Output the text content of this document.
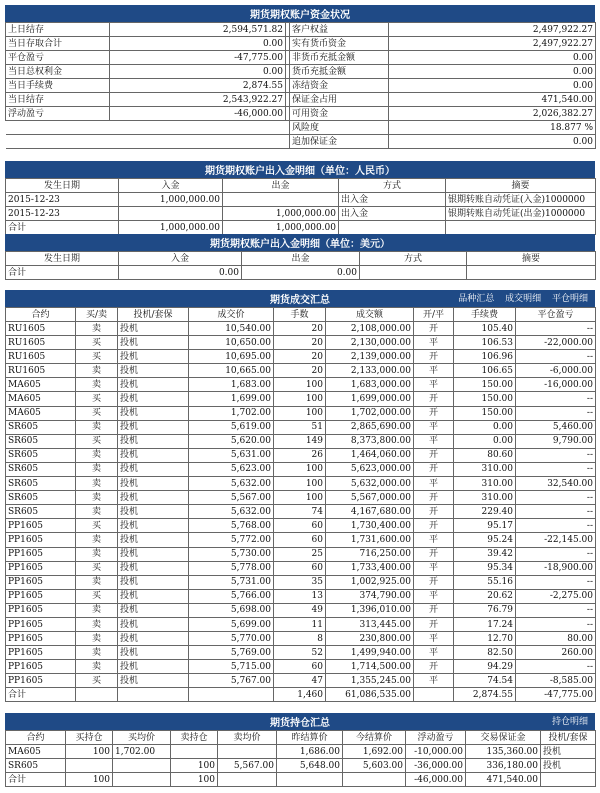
期货期权账户资金状况
上日结存	2,594,571.82		客户权益	2,497,922.27
当日存取合计	0.00		实有货币资金	2,497,922.27
平仓盈亏	-47,775.00		非货币充抵金额	0.00
当日总权利金	0.00		货币充抵金额	0.00
当日手续费	2,874.55		冻结资金	0.00
当日结存	2,543,922.27		保证金占用	471,540.00
浮动盈亏	-46,000.00		可用资金	2,026,382.27
			风险度	18.877 %
			追加保证金	0.00
期货期权账户出入金明细（单位：人民币）
发生日期	入金	出金	方式	摘要
2015-12-23	1,000,000.00		出入金	银期转账自动凭证(入金)1000000
2015-12-23		1,000,000.00	出入金	银期转账自动凭证(出金)1000000
合计	1,000,000.00	1,000,000.00		
期货期权账户出入金明细（单位：美元）
发生日期	入金	出金	方式	摘要
合计	0.00	0.00		
期货成交汇总	品种汇总 成交明细 平仓明细
合约	买/卖	投机/套保	成交价	手数	成交额	开/平	手续费	平仓盈亏
RU1605	卖	投机	10,540.00	20	2,108,000.00	开	105.40	--
RU1605	买	投机	10,650.00	20	2,130,000.00	平	106.53	-22,000.00
RU1605	买	投机	10,695.00	20	2,139,000.00	开	106.96	--
RU1605	卖	投机	10,665.00	20	2,133,000.00	平	106.65	-6,000.00
MA605	卖	投机	1,683.00	100	1,683,000.00	平	150.00	-16,000.00
MA605	买	投机	1,699.00	100	1,699,000.00	开	150.00	--
MA605	买	投机	1,702.00	100	1,702,000.00	开	150.00	--
SR605	卖	投机	5,619.00	51	2,865,690.00	平	0.00	5,460.00
SR605	买	投机	5,620.00	149	8,373,800.00	平	0.00	9,790.00
SR605	卖	投机	5,631.00	26	1,464,060.00	开	80.60	--
SR605	卖	投机	5,623.00	100	5,623,000.00	开	310.00	--
SR605	卖	投机	5,632.00	100	5,632,000.00	平	310.00	32,540.00
SR605	卖	投机	5,567.00	100	5,567,000.00	开	310.00	--
SR605	卖	投机	5,632.00	74	4,167,680.00	开	229.40	--
PP1605	买	投机	5,768.00	60	1,730,400.00	开	95.17	--
PP1605	卖	投机	5,772.00	60	1,731,600.00	平	95.24	-22,145.00
PP1605	卖	投机	5,730.00	25	716,250.00	开	39.42	--
PP1605	买	投机	5,778.00	60	1,733,400.00	平	95.34	-18,900.00
PP1605	卖	投机	5,731.00	35	1,002,925.00	开	55.16	--
PP1605	买	投机	5,766.00	13	374,790.00	平	20.62	-2,275.00
PP1605	卖	投机	5,698.00	49	1,396,010.00	开	76.79	--
PP1605	卖	投机	5,699.00	11	313,445.00	开	17.24	--
PP1605	卖	投机	5,770.00	8	230,800.00	平	12.70	80.00
PP1605	卖	投机	5,769.00	52	1,499,940.00	平	82.50	260.00
PP1605	卖	投机	5,715.00	60	1,714,500.00	开	94.29	--
PP1605	买	投机	5,767.00	47	1,355,245.00	平	74.54	-8,585.00
合计				1,460	61,086,535.00		2,874.55	-47,775.00
期货持仓汇总	持仓明细
合约	买持仓	买均价	卖持仓	卖均价	昨结算价	今结算价	浮动盈亏	交易保证金	投机/套保
MA605	100	1,702.00			1,686.00	1,692.00	-10,000.00	135,360.00	投机
SR605			100	5,567.00	5,648.00	5,603.00	-36,000.00	336,180.00	投机
合计	100		100				-46,000.00	471,540.00	
